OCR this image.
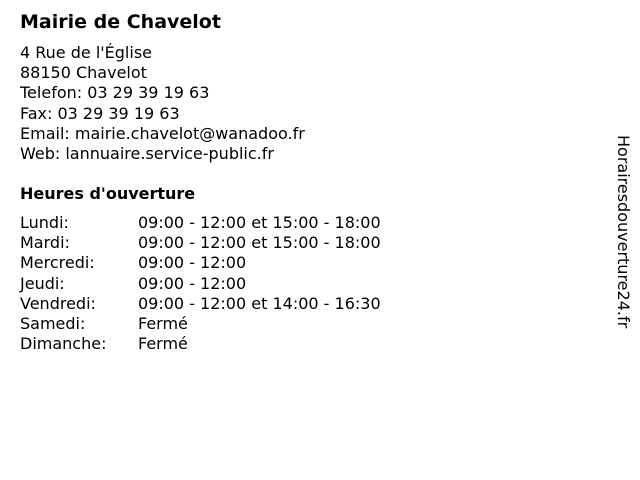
Mairie de Chavelot
4 Rue de l'Église
88150 Chavelot
Telefon: 03 29 39 19 63
Fax: 03 29 39 19 63
Email: mairie.chavelot@wanadoo.fr
Web: lannuaire.service-public.fr
Heures d'ouverture
Lundi:	09:00 - 12:00 et 15:00 - 18:00
Mardi:	09:00 - 12:00 et 15:00 - 18:00
Mercredi:	09:00 - 12:00
Jeudi:	09:00 - 12:00
Vendredi:	09:00 - 12:00 et 14:00 - 16:30
Samedi:	Fermé
Dimanche:	Fermé
Horairesdouverture24.fr
